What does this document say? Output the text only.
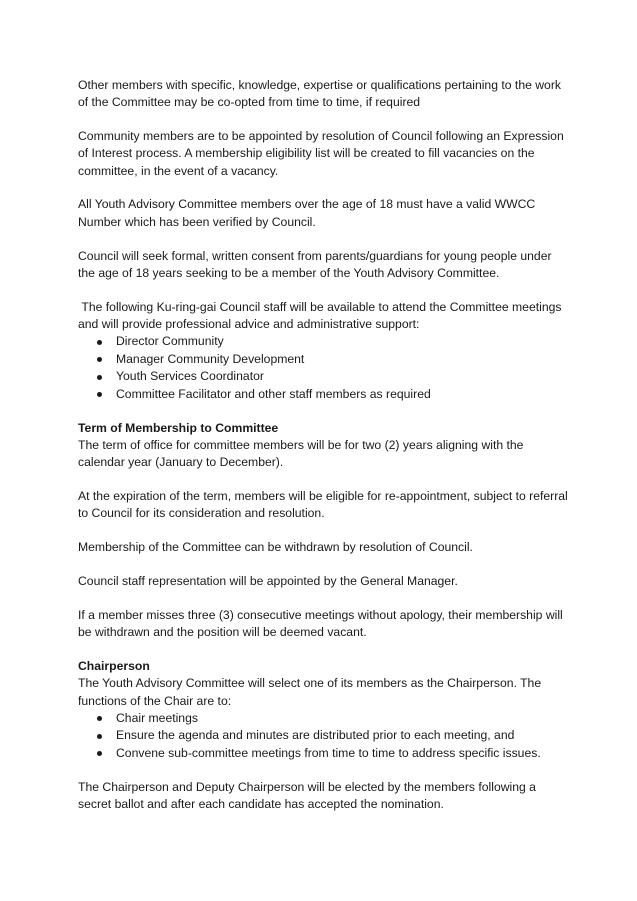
Other members with specific, knowledge, expertise or qualifications pertaining to the work of the Committee may be co-opted from time to time, if required

Community members are to be appointed by resolution of Council following an Expression of Interest process. A membership eligibility list will be created to fill vacancies on the committee, in the event of a vacancy.

All Youth Advisory Committee members over the age of 18 must have a valid WWCC Number which has been verified by Council.

Council will seek formal, written consent from parents/guardians for young people under the age of 18 years seeking to be a member of the Youth Advisory Committee.

The following Ku-ring-gai Council staff will be available to attend the Committee meetings and will provide professional advice and administrative support:

Director Community
Manager Community Development
Youth Services Coordinator
Committee Facilitator and other staff members as required

Term of Membership to Committee

The term of office for committee members will be for two (2) years aligning with the calendar year (January to December).

At the expiration of the term, members will be eligible for re-appointment, subject to referral to Council for its consideration and resolution.

Membership of the Committee can be withdrawn by resolution of Council.

Council staff representation will be appointed by the General Manager.

If a member misses three (3) consecutive meetings without apology, their membership will be withdrawn and the position will be deemed vacant.

Chairperson

The Youth Advisory Committee will select one of its members as the Chairperson. The functions of the Chair are to:

Chair meetings
Ensure the agenda and minutes are distributed prior to each meeting, and
Convene sub-committee meetings from time to time to address specific issues.

The Chairperson and Deputy Chairperson will be elected by the members following a secret ballot and after each candidate has accepted the nomination.
